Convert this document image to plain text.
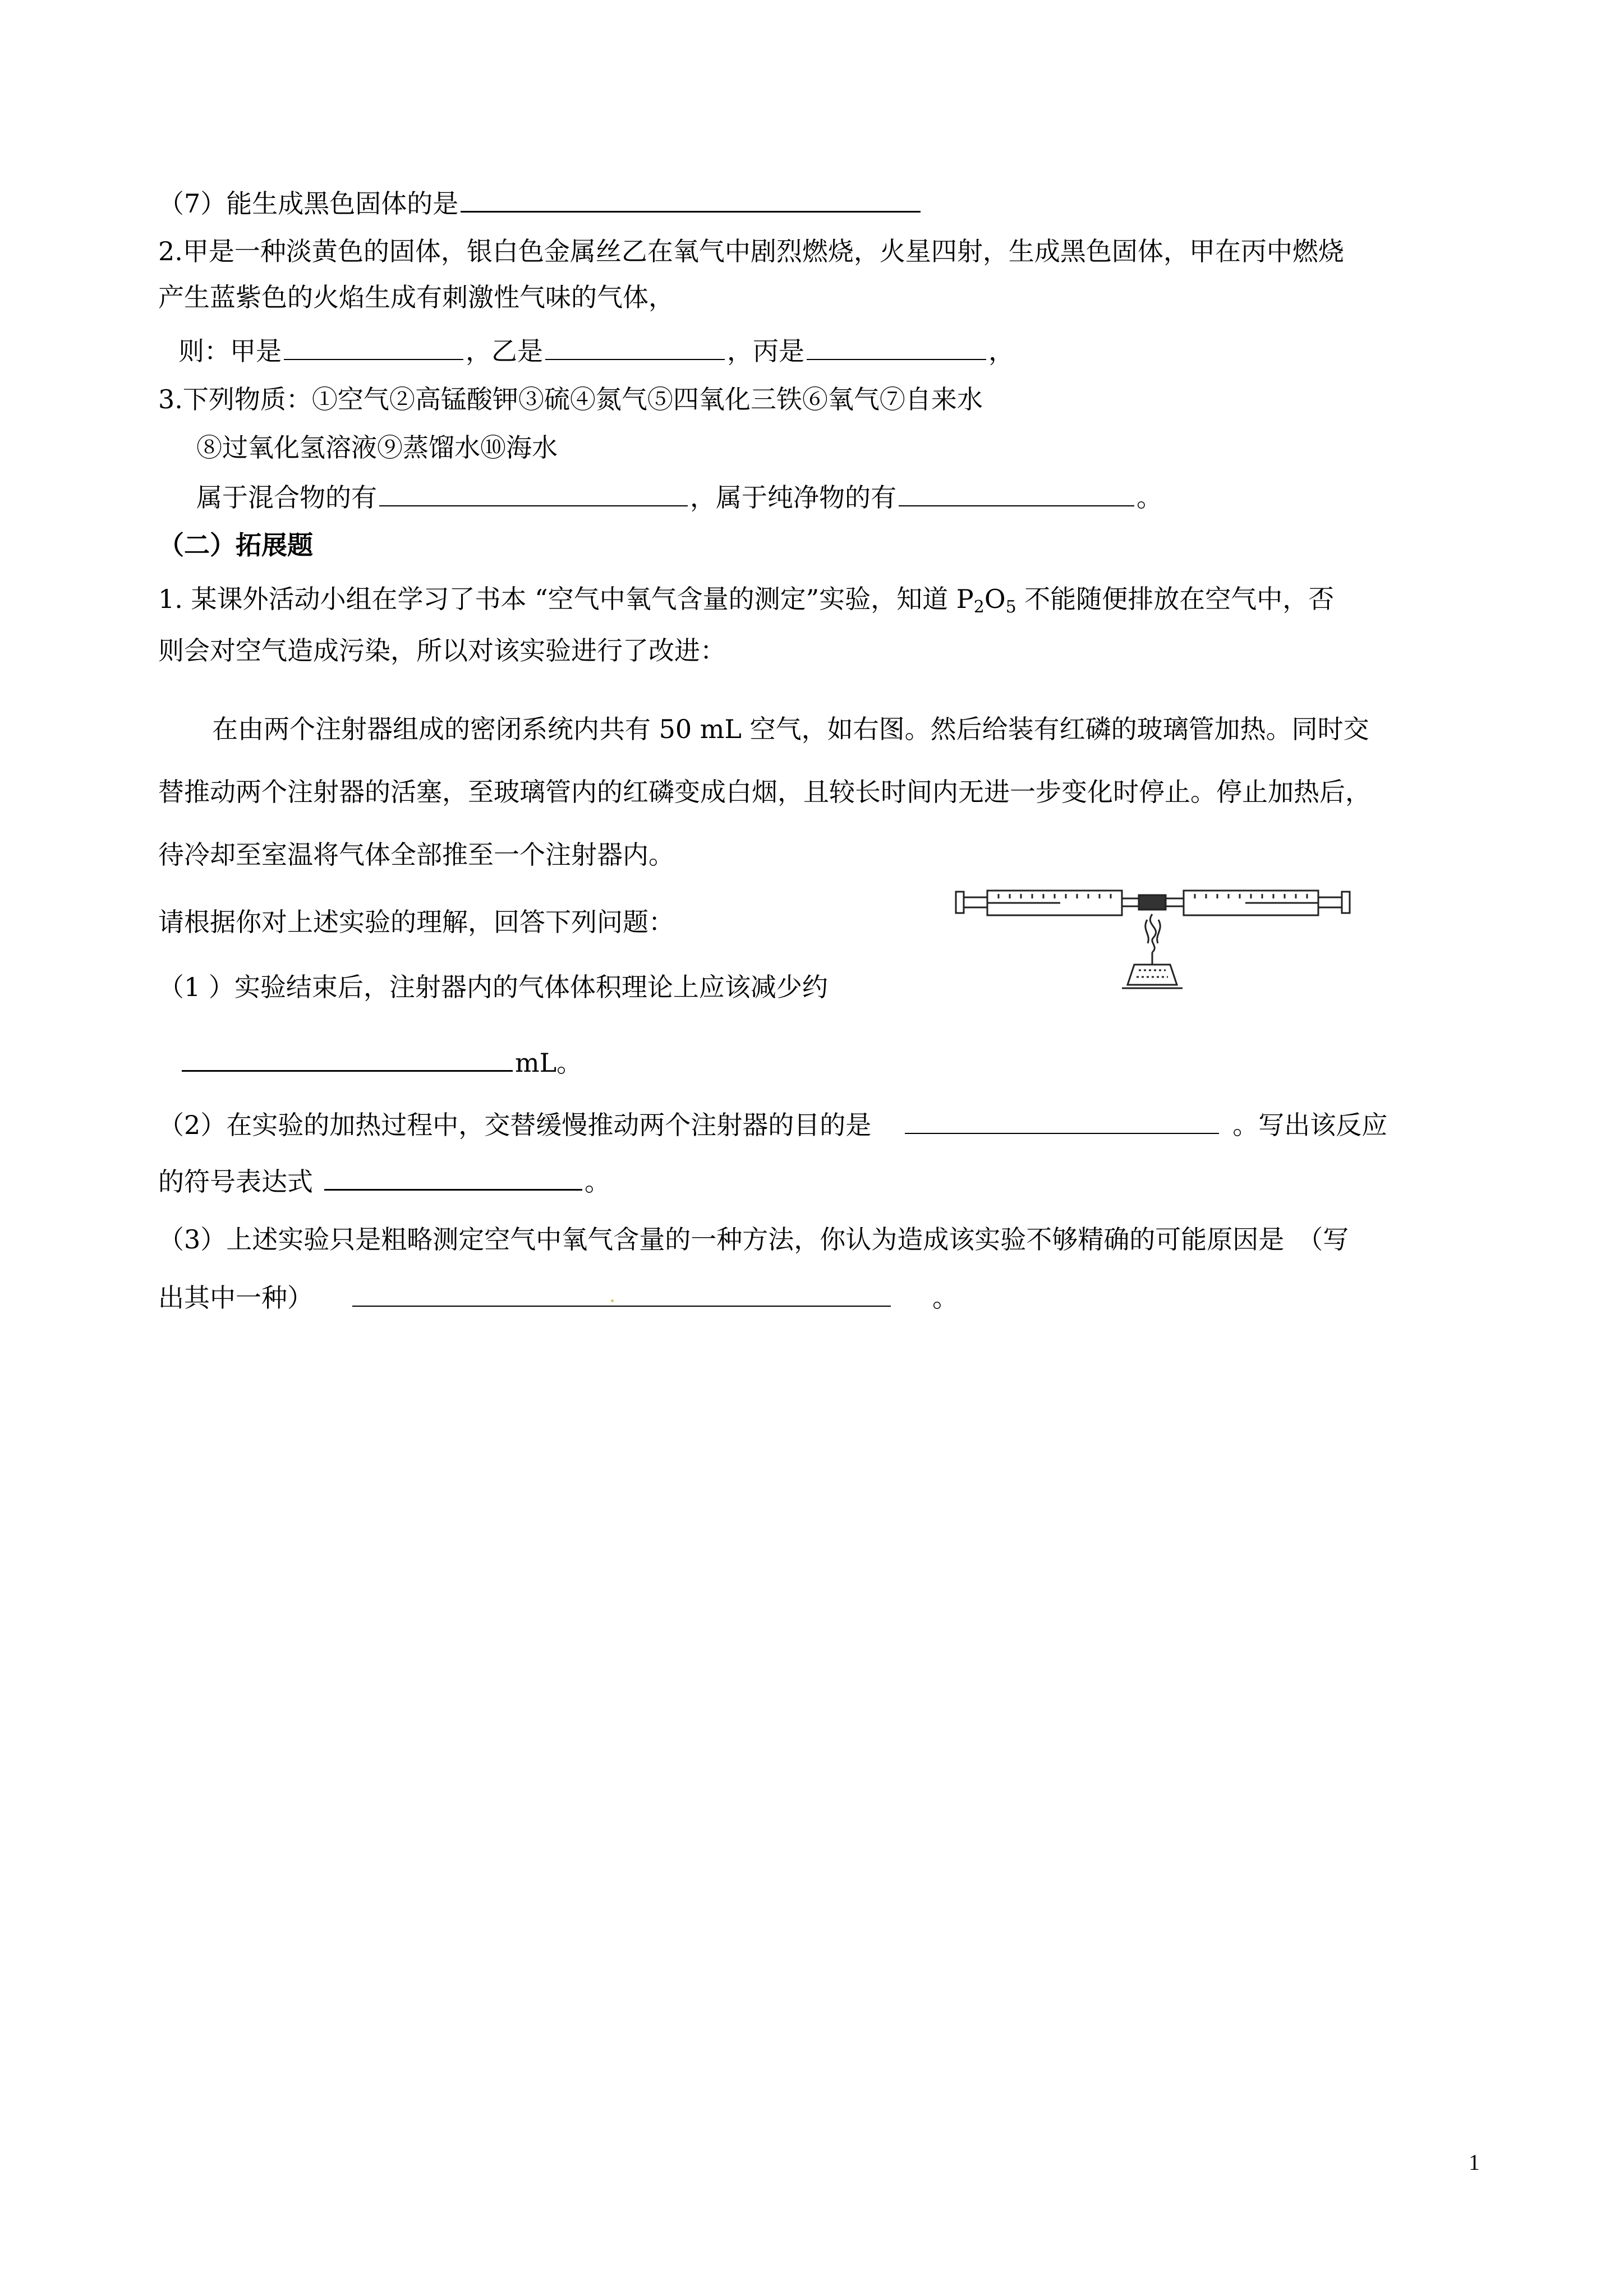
（7）能生成黑色固体的是
2.甲是一种淡黄色的固体，银白色金属丝乙在氧气中剧烈燃烧，火星四射，生成黑色固体，甲在丙中燃烧
产生蓝紫色的火焰生成有刺激性气味的气体，
则：甲是	，乙是	，丙是	，
3.下列物质：①空气②高锰酸钾③硫④氮气⑤四氧化三铁⑥氧气⑦自来水
⑧过氧化氢溶液⑨蒸馏水⑩海水
属于混合物的有	，属于纯净物的有	。
（二）拓展题
1. 某课外活动小组在学习了书本 “空气中氧气含量的测定”实验，知道 $P_2O_5$ 不能随便排放在空气中，否
则会对空气造成污染，所以对该实验进行了改进：
在由两个注射器组成的密闭系统内共有 50 mL 空气，如右图。然后给装有红磷的玻璃管加热。同时交
替推动两个注射器的活塞，至玻璃管内的红磷变成白烟，且较长时间内无进一步变化时停止。停止加热后，
待冷却至室温将气体全部推至一个注射器内。
请根据你对上述实验的理解，回答下列问题：
（1 ）实验结束后，注射器内的气体体积理论上应该减少约
mL。
（2）在实验的加热过程中，交替缓慢推动两个注射器的目的是	。写出该反应
的符号表达式	。
（3）上述实验只是粗略测定空气中氧气含量的一种方法，你认为造成该实验不够精确的可能原因是　（写
出其中一种）	。
1
